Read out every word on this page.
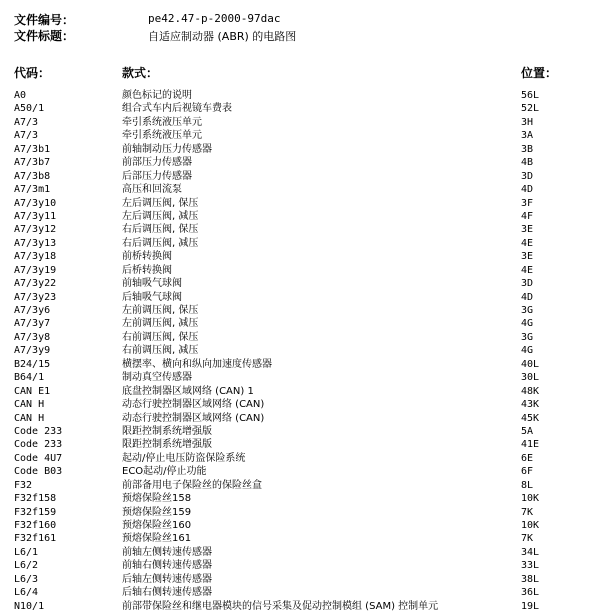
文件编号：	pe42.47-p-2000-97dac
文件标题：	自适应制动器 (ABR) 的电路图
代码：	款式：	位置：
A0	颜色标记的说明	56L
A50/1	组合式车内后视镜车费表	52L
A7/3	牵引系统液压单元	3H
A7/3	牵引系统液压单元	3A
A7/3b1	前轴制动压力传感器	3B
A7/3b7	前部压力传感器	4B
A7/3b8	后部压力传感器	3D
A7/3m1	高压和回流泵	4D
A7/3y10	左后调压阀, 保压	3F
A7/3y11	左后调压阀, 减压	4F
A7/3y12	右后调压阀, 保压	3E
A7/3y13	右后调压阀, 减压	4E
A7/3y18	前桥转换阀	3E
A7/3y19	后桥转换阀	4E
A7/3y22	前轴吸气球阀	3D
A7/3y23	后轴吸气球阀	4D
A7/3y6	左前调压阀, 保压	3G
A7/3y7	左前调压阀, 减压	4G
A7/3y8	右前调压阀, 保压	3G
A7/3y9	右前调压阀, 减压	4G
B24/15	横摆率、横向和纵向加速度传感器	40L
B64/1	制动真空传感器	30L
CAN E1	底盘控制器区域网络 (CAN) 1	48K
CAN H	动态行驶控制器区域网络 (CAN)	43K
CAN H	动态行驶控制器区域网络 (CAN)	45K
Code 233	限距控制系统增强版	5A
Code 233	限距控制系统增强版	41E
Code 4U7	起动/停止电压防盗保险系统	6E
Code B03	ECO起动/停止功能	6F
F32	前部备用电子保险丝的保险丝盒	8L
F32f158	预熔保险丝158	10K
F32f159	预熔保险丝159	7K
F32f160	预熔保险丝160	10K
F32f161	预熔保险丝161	7K
L6/1	前轴左侧转速传感器	34L
L6/2	前轴右侧转速传感器	33L
L6/3	后轴左侧转速传感器	38L
L6/4	后轴右侧转速传感器	36L
N10/1	前部带保险丝和继电器模块的信号采集及促动控制模组 (SAM) 控制单元	19L
